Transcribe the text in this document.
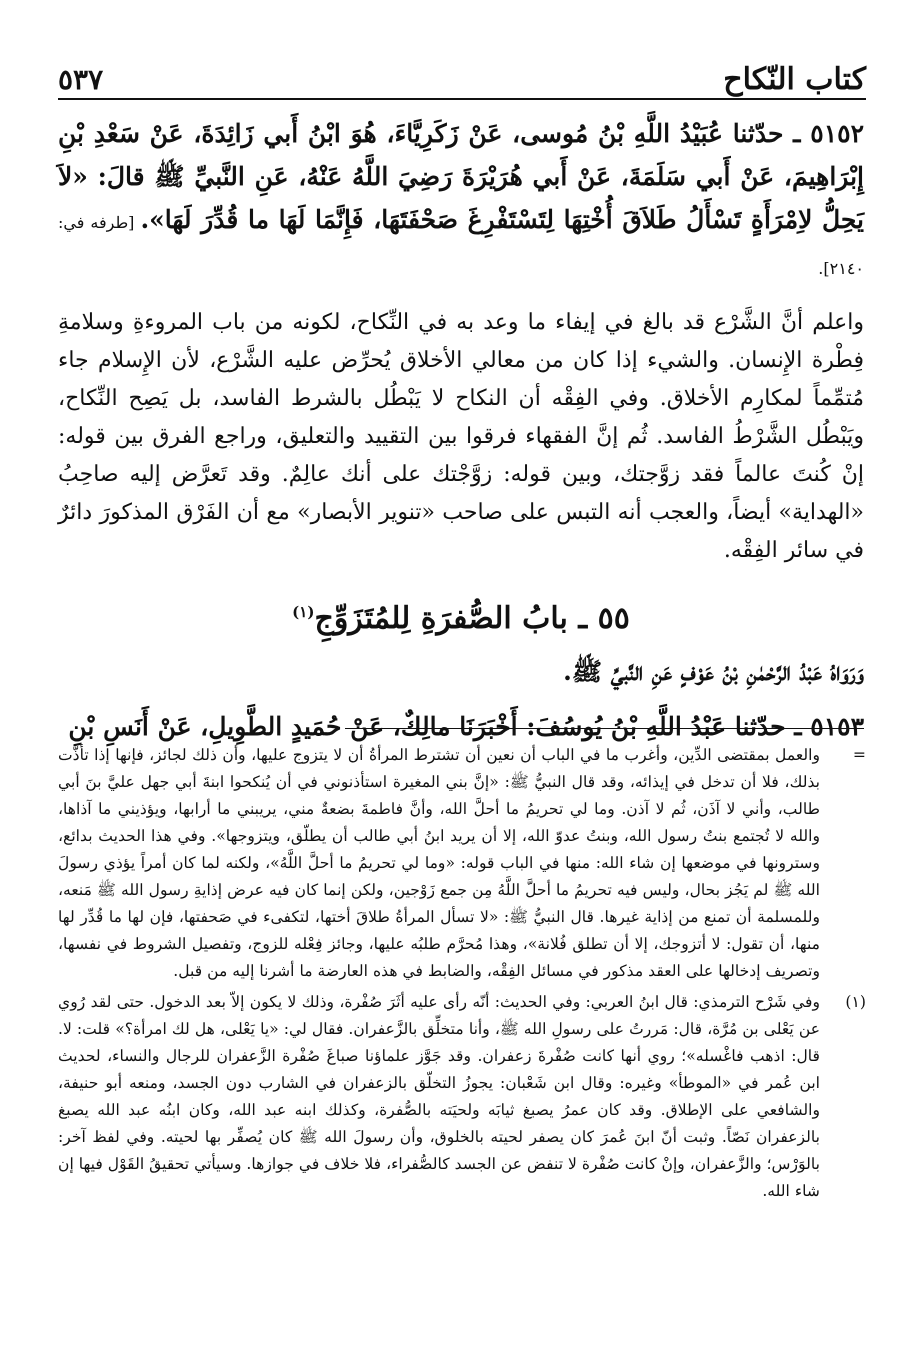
كتاب النّكاح
٥٣٧

٥١٥٢ ـ حدّثنا عُبَيْدُ اللَّهِ بْنُ مُوسى، عَنْ زَكَرِيَّاءَ، هُوَ ابْنُ أَبي زَائِدَةَ، عَنْ سَعْدِ بْنِ إِبْرَاهِيمَ، عَنْ أَبي سَلَمَةَ، عَنْ أَبي هُرَيْرَةَ رَضِيَ اللَّهُ عَنْهُ، عَنِ النَّبيِّ ﷺ قالَ: «لاَ يَحِلُّ لاِمْرَأَةٍ تَسْأَلُ طَلاَقَ أُخْتِهَا لِتَسْتَفْرِغَ صَحْفَتَهَا، فَإِنَّمَا لَهَا ما قُدِّرَ لَهَا». [طرفه في: ٢١٤٠].

واعلم أنَّ الشَّرْع قد بالغ في إيفاء ما وعد به في النِّكاح، لكونه من باب المروءةِ وسلامةِ فِطْرة الإِنسان. والشيء إذا كان من معالي الأخلاق يُحرِّض عليه الشَّرْع، لأن الإِسلام جاء مُتمِّماً لمكارِم الأخلاق. وفي الفِقْه أن النكاح لا يَبْطُل بالشرط الفاسد، بل يَصِح النِّكاح، ويَبْطُل الشَّرْطُ الفاسد. ثُم إنَّ الفقهاء فرقوا بين التقييد والتعليق، وراجع الفرق بين قوله: إنْ كُنتَ عالماً فقد زوَّجتك، وبين قوله: زوَّجْتك على أنك عالِمٌ. وقد تَعرَّض إليه صاحِبُ «الهداية» أيضاً، والعجب أنه التبس على صاحب «تنوير الأبصار» مع أن الفَرْق المذكورَ دائرٌ في سائر الفِقْه.

٥٥ ـ بابُ الصُّفرَةِ لِلمُتَزَوِّجِ$^{(١)}$

وَرَوَاهُ عَبْدُ الرَّحْمٰنِ بْنُ عَوْفٍ عَنِ النَّبيِّ ﷺ.

٥١٥٣ ـ حدّثنا عَبْدُ اللَّهِ بْنُ يُوسُفَ: أَخْبَرَنَا مالِكٌ، عَنْ حُمَيدٍ الطَّوِيلِ، عَنْ أَنَسِ بْنِ

=
والعمل بمقتضى الدِّين، وأغرب ما في الباب أن نعين أن تشترط المرأةُ أن لا يتزوج عليها، وأن ذلك لجائز، فإنها إذا تأذَّت بذلك، فلا أن تدخل في إيذائه، وقد قال النبيُّ ﷺ: «إنَّ بني المغيرة استأذنوني في أن يُنكحوا ابنةَ أبي جهل عليَّ بنَ أبي طالب، وأني لا آذَن، ثُم لا آذن. وما لي تحريمُ ما أحلَّ الله، وأنَّ فاطمةَ بضعةٌ مني، يريبني ما أرابها، ويؤذيني ما آذاها، والله لا تُجتمع بنتُ رسول الله، وبنتُ عدوّ الله، إلا أن يريد ابنُ أبي طالب أن يطلّق، ويتزوجها». وفي هذا الحديث بدائع، وسترونها في موضعها إن شاء الله: منها في الباب قوله: «وما لي تحريمُ ما أحلَّ اللَّهُ»، ولكنه لما كان أمراً يؤذي رسولَ الله ﷺ لم يَجُز بحال، وليس فيه تحريمُ ما أحلَّ اللَّهُ مِن جمع زَوْجين، ولكن إنما كان فيه عرض إذايةِ رسول الله ﷺ مَنعه، وللمسلمة أن تمنع من إذاية غيرها. قال النبيُّ ﷺ: «لا تسأل المرأةُ طلاقَ أختها، لتكفىء في صَحفتها، فإن لها ما قُدِّر لها منها، أن تقول: لا أتزوجك، إلا أن تطلق فُلانة»، وهذا مُحرَّم طلبُه عليها، وجائز فِعْله للزوج، وتفصيل الشروط في نفسها، وتصريف إدخالها على العقد مذكور في مسائل الفِقْه، والضابط في هذه العارضة ما أشرنا إليه من قبل.
(١)
وفي شَرْح الترمذي: قال ابنُ العربي: وفي الحديث: أنّه رأى عليه أثَرَ صُفْرة، وذلك لا يكون إلاّ بعد الدخول. حتى لقد رُوي عن يَعْلى بن مُرَّة، قال: مَررتُ على رسولِ الله ﷺ، وأنا متخلِّق بالزَّعفران. فقال لي: «يا يَعْلى، هل لك امرأة؟» قلت: لا. قال: اذهب فاغْسله»؛ روي أنها كانت صُفْرةَ زعفران. وقد جَوَّز علماؤنا صباغَ صُفْرة الزَّعفران للرجال والنساء، لحديث ابن عُمر في «الموطأ» وغيره: وقال ابن شَعْبان: يجوزُ التخلّق بالزعفران في الشارب دون الجسد، ومنعه أبو حنيفة، والشافعي على الإطلاق. وقد كان عمرُ يصبغ ثيابَه ولحيَته بالصُّفرة، وكذلك ابنه عبد الله، وكان ابنُه عبد الله يصبغ بالزعفران نَصّاً. وثبت أنّ ابنَ عُمرَ كان يصفر لحيته بالخلوق، وأن رسولَ الله ﷺ كان يُصفِّر بها لحيته. وفي لفظ آخر: بالوَرْس؛ والزَّعفران، وإنْ كانت صُفْرة لا تنفض عن الجسد كالصُّفراء، فلا خلاف في جوازها. وسيأتي تحقيقُ القَوْل فيها إن شاء الله.
